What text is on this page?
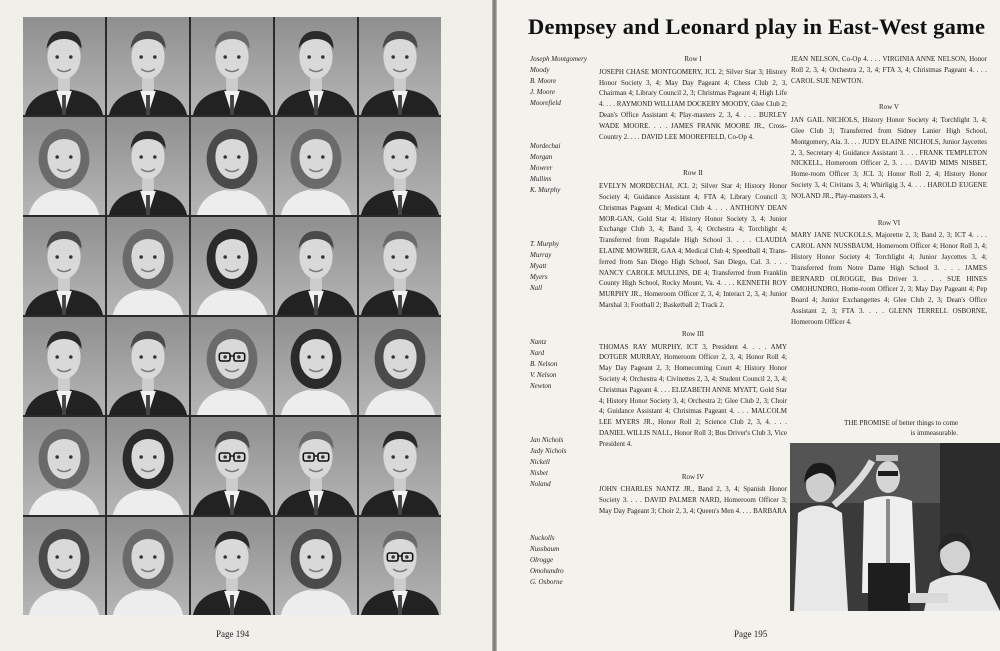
Page 194
Dempsey and Leonard play in East-West game
Joseph Montgomery
Moody
B. Moore
J. Moore
Moorefield
Mordechai
Morgan
Mowrer
Mullins
K. Murphy
T. Murphy
Murray
Myatt
Myers
Nall
Nantz
Nard
B. Nelson
V. Nelson
Newton
Jan Nichols
Judy Nichols
Nickell
Nisbet
Noland
Nuckolls
Nussbaum
Olrogge
Omohundro
G. Osborne
Row I

JOSEPH CHASE MONTGOMERY, JCL 2; Silver Star 3; History Honor Society 3, 4; May Day Pageant 4; Chess Club 2, 3, Chairman 4; Library Council 2, 3; Christmas Pageant 4; High Life 4. . . . RAYMOND WILLIAM DOCKERY MOODY, Glee Club 2; Dean's Office Assistant 4; Play-masters 2, 3, 4. . . . BURLEY WADE MOORE. . . . JAMES FRANK MOORE JR., Cross-Country 2. . . . DAVID LEE MOOREFIELD, Co-Op 4.

Row II

EVELYN MORDECHAI, JCL 2; Silver Star 4; History Honor Society 4; Guidance Assistant 4; FTA 4; Library Council 3; Christmas Pageant 4; Medical Club 4. . . . ANTHONY DEAN MOR-GAN, Gold Star 4; History Honor Society 3, 4; Junior Exchange Club 3, 4; Band 3, 4; Orchestra 4; Torchlight 4; Transferred from Ragsdale High School 3. . . . CLAUDIA ELAINE MOWRER, GAA 4; Medical Club 4; Speedball 4; Trans-ferred from San Diego High School, San Diego, Cal. 3. . . . NANCY CAROLE MULLINS, DE 4; Transferred from Franklin County High School, Rocky Mount, Va. 4. . . . KENNETH ROY MURPHY JR., Homeroom Officer 2, 3, 4; Interact 2, 3, 4; Junior Marshal 3; Football 2; Basketball 2; Track 2.

Row III

THOMAS RAY MURPHY, ICT 3, President 4. . . . AMY DOTGER MURRAY, Homeroom Officer 2, 3, 4; Honor Roll 4; May Day Pageant 2, 3; Homecoming Court 4; History Honor Society 4; Orchestra 4; Civinettes 2, 3, 4; Student Council 2, 3, 4; Christmas Pageant 4. . . . ELIZABETH ANNE MYATT, Gold Star 4; History Honor Society 3, 4; Orchestra 2; Glee Club 2, 3; Choir 4; Guidance Assistant 4; Christmas Pageant 4. . . . MALCOLM LEE MYERS JR., Honor Roll 2; Science Club 2, 3, 4. . . . DANIEL WILLIS NALL, Honor Roll 3; Bus Driver's Club 3, Vice President 4.

Row IV

JOHN CHARLES NANTZ JR., Band 2, 3, 4; Spanish Honor Society 3. . . . DAVID PALMER NARD, Homeroom Officer 3; May Day Pageant 3; Choir 2, 3, 4; Queen's Men 4. . . . BARBARA

JEAN NELSON, Co-Op 4. . . . VIRGINIA ANNE NELSON, Honor Roll 2, 3, 4; Orchestra 2, 3, 4; FTA 3, 4; Christmas Pageant 4. . . . CAROL SUE NEWTON.

Row V

JAN GAIL NICHOLS, History Honor Society 4; Torchlight 3, 4; Glee Club 3; Transferred from Sidney Lanier High School, Montgomery, Ala. 3. . . . JUDY ELAINE NICHOLS, Junior Jaycettes 2, 3, Secretary 4; Guidance Assistant 3. . . . FRANK TEMPLETON NICKELL, Homeroom Officer 2, 3. . . . DAVID MIMS NISBET, Home-room Officer 3; JCL 3; Honor Roll 2, 4; History Honor Society 3, 4; Civitans 3, 4; Whirligig 3, 4. . . . HAROLD EUGENE NOLAND JR., Play-masters 3, 4.

Row VI

MARY JANE NUCKOLLS, Majorette 2, 3; Band 2, 3; ICT 4. . . . CAROL ANN NUSSBAUM, Homeroom Officer 4; Honor Roll 3, 4; History Honor Society 4; Torchlight 4; Junior Jaycettes 3, 4; Transferred from Notre Dame High School 3. . . . JAMES BERNARD OLROGGE, Bus Driver 3. . . . SUE HINES OMOHUNDRO, Home-room Officer 2, 3; May Day Pageant 4; Pep Board 4; Junior Exchangettes 4; Glee Club 2, 3; Dean's Office Assistant 2, 3; FTA 3. . . . GLENN TERRELL OSBORNE, Homeroom Officer 4.

THE PROMISE of better things to come is immeasurable.
Page 195
